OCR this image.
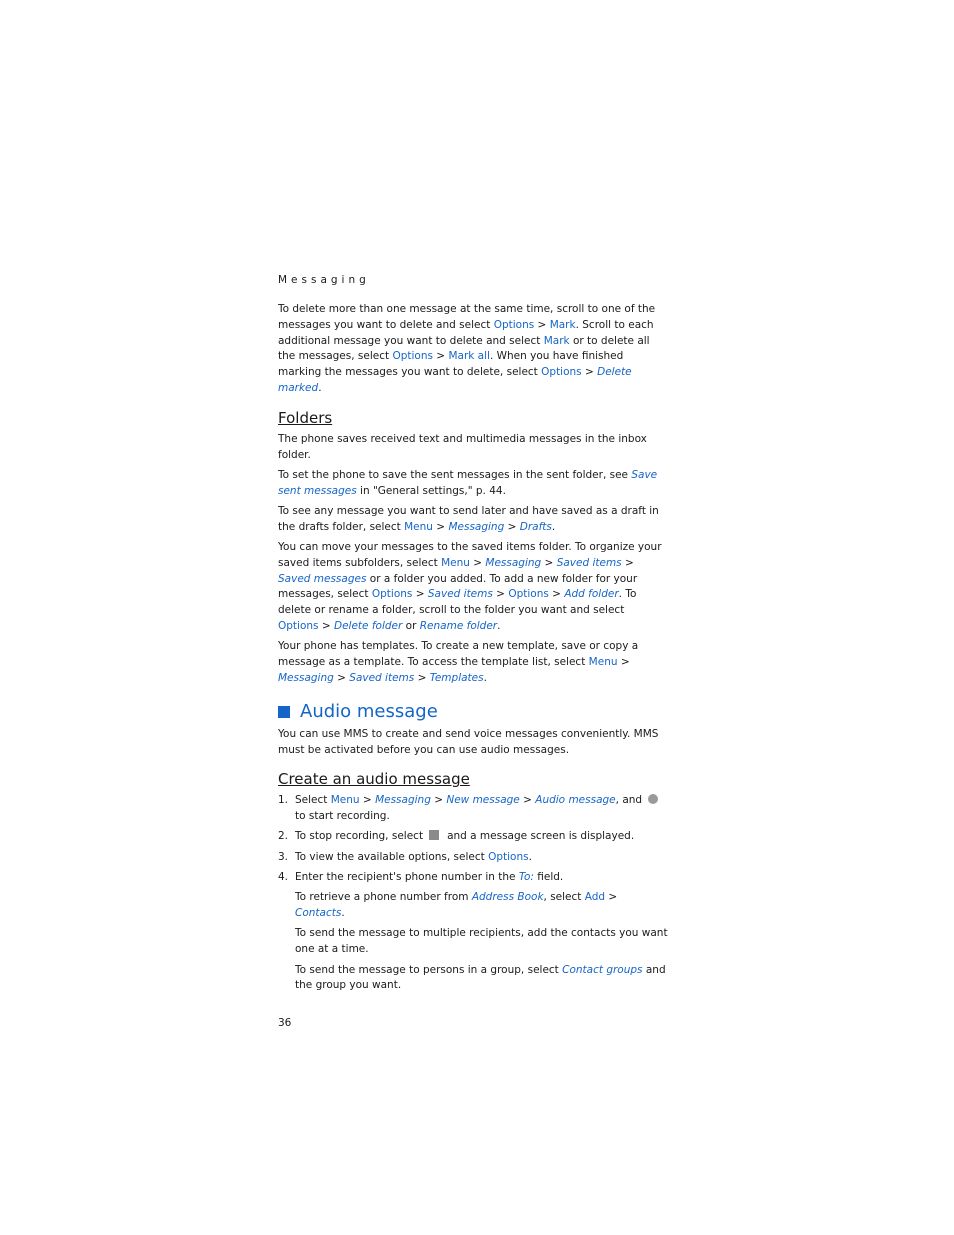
Messaging

To delete more than one message at the same time, scroll to one of the messages you want to delete and select Options > Mark. Scroll to each additional message you want to delete and select Mark or to delete all the messages, select Options > Mark all. When you have finished marking the messages you want to delete, select Options > Delete marked.

Folders

The phone saves received text and multimedia messages in the inbox folder.

To set the phone to save the sent messages in the sent folder, see Save sent messages in "General settings," p. 44.

To see any message you want to send later and have saved as a draft in the drafts folder, select Menu > Messaging > Drafts.

You can move your messages to the saved items folder. To organize your saved items subfolders, select Menu > Messaging > Saved items > Saved messages or a folder you added. To add a new folder for your messages, select Options > Saved items > Options > Add folder. To delete or rename a folder, scroll to the folder you want and select Options > Delete folder or Rename folder.

Your phone has templates. To create a new template, save or copy a message as a template. To access the template list, select Menu > Messaging > Saved items > Templates.

Audio message

You can use MMS to create and send voice messages conveniently. MMS must be activated before you can use audio messages.

Create an audio message
1. Select Menu > Messaging > New message > Audio message, andto start recording.
2. To stop recording, select and a message screen is displayed.
3. To view the available options, select Options.
4. Enter the recipient's phone number in the To: field.

To retrieve a phone number from Address Book, select Add > Contacts.

To send the message to multiple recipients, add the contacts you want one at a time.

To send the message to persons in a group, select Contact groups and the group you want.

36
